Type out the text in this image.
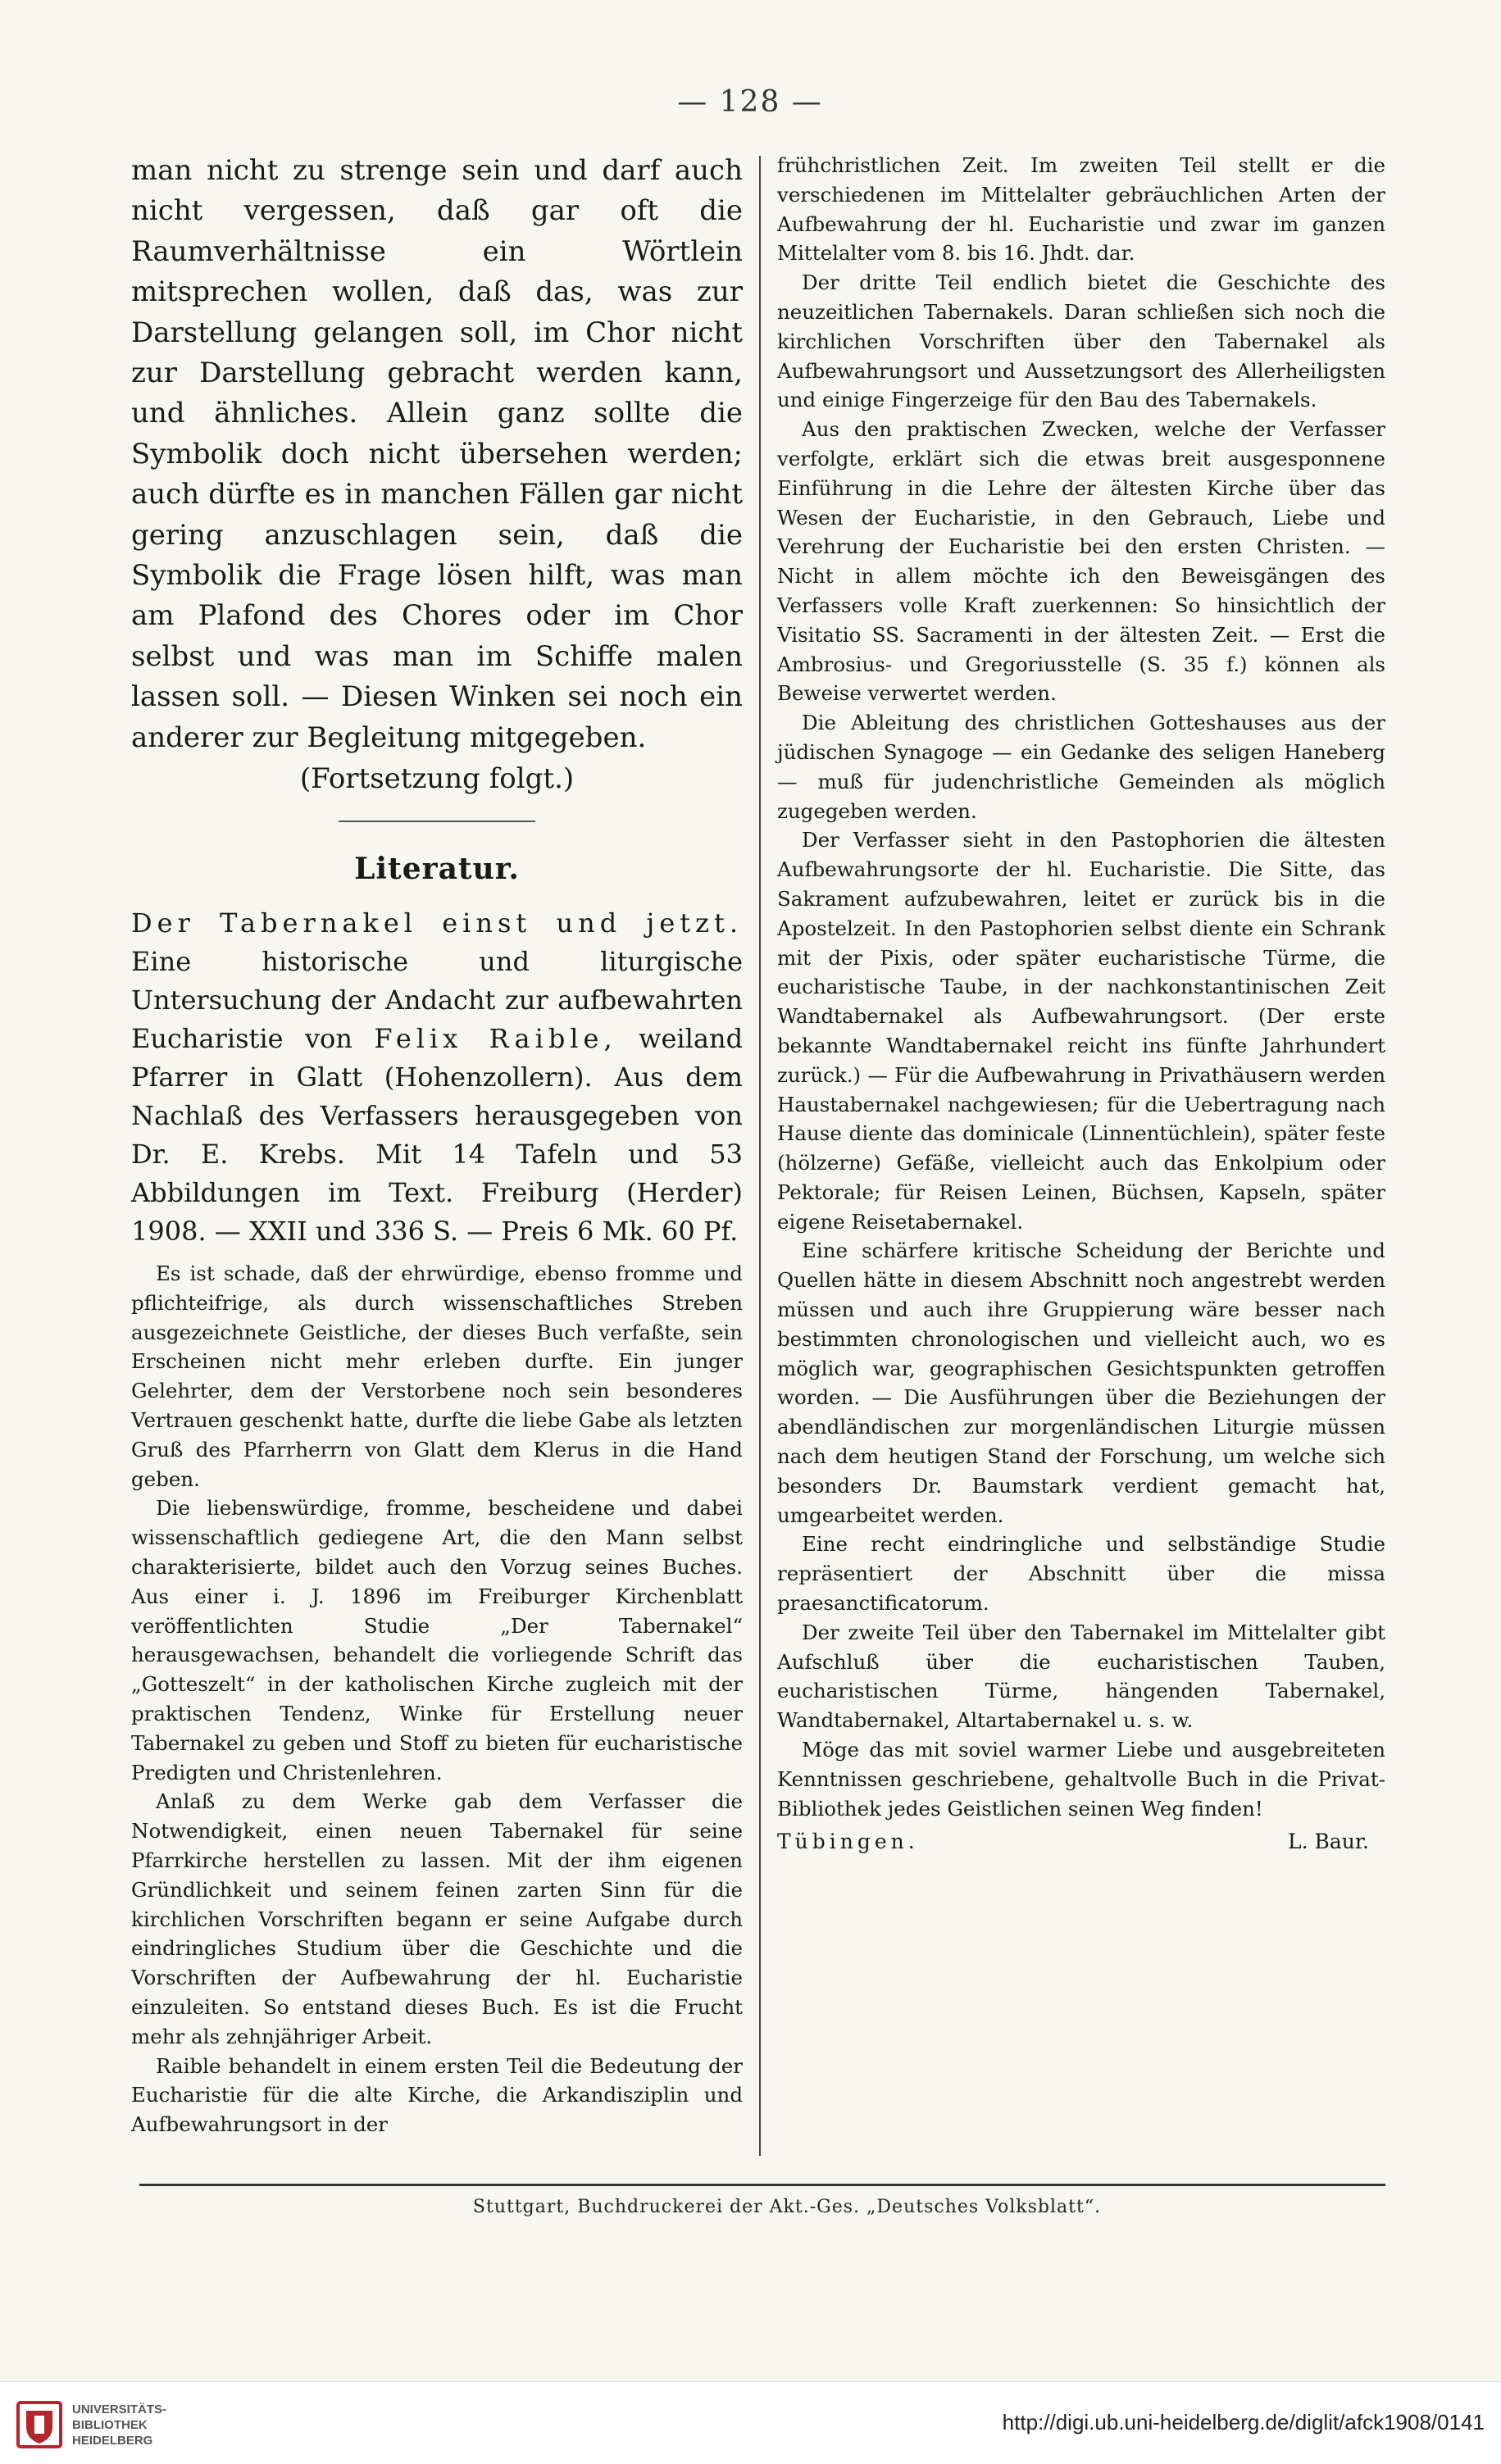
— 128 —

man nicht zu strenge sein und darf auch nicht vergessen, daß gar oft die Raumverhältnisse ein Wörtlein mitsprechen wollen, daß das, was zur Darstellung gelangen soll, im Chor nicht zur Darstellung gebracht werden kann, und ähnliches. Allein ganz sollte die Symbolik doch nicht übersehen werden; auch dürfte es in manchen Fällen gar nicht gering anzuschlagen sein, daß die Symbolik die Frage lösen hilft, was man am Plafond des Chores oder im Chor selbst und was man im Schiffe malen lassen soll. — Diesen Winken sei noch ein anderer zur Begleitung mitgegeben.

(Fortsetzung folgt.)

Literatur.

Der Tabernakel einst und jetzt. Eine historische und liturgische Untersuchung der Andacht zur aufbewahrten Eucharistie von Felix Raible, weiland Pfarrer in Glatt (Hohenzollern). Aus dem Nachlaß des Verfassers herausgegeben von Dr. E. Krebs. Mit 14 Tafeln und 53 Abbildungen im Text. Freiburg (Herder) 1908. — XXII und 336 S. — Preis 6 Mk. 60 Pf.

Es ist schade, daß der ehrwürdige, ebenso fromme und pflichteifrige, als durch wissenschaftliches Streben ausgezeichnete Geistliche, der dieses Buch verfaßte, sein Erscheinen nicht mehr erleben durfte. Ein junger Gelehrter, dem der Verstorbene noch sein besonderes Vertrauen geschenkt hatte, durfte die liebe Gabe als letzten Gruß des Pfarrherrn von Glatt dem Klerus in die Hand geben.

Die liebenswürdige, fromme, bescheidene und dabei wissenschaftlich gediegene Art, die den Mann selbst charakterisierte, bildet auch den Vorzug seines Buches. Aus einer i. J. 1896 im Freiburger Kirchenblatt veröffentlichten Studie „Der Tabernakel“ herausgewachsen, behandelt die vorliegende Schrift das „Gotteszelt“ in der katholischen Kirche zugleich mit der praktischen Tendenz, Winke für Erstellung neuer Tabernakel zu geben und Stoff zu bieten für eucharistische Predigten und Christenlehren.

Anlaß zu dem Werke gab dem Verfasser die Notwendigkeit, einen neuen Tabernakel für seine Pfarrkirche herstellen zu lassen. Mit der ihm eigenen Gründlichkeit und seinem feinen zarten Sinn für die kirchlichen Vorschriften begann er seine Aufgabe durch eindringliches Studium über die Geschichte und die Vorschriften der Aufbewahrung der hl. Eucharistie einzuleiten. So entstand dieses Buch. Es ist die Frucht mehr als zehnjähriger Arbeit.

Raible behandelt in einem ersten Teil die Bedeutung der Eucharistie für die alte Kirche, die Arkandisziplin und Aufbewahrungsort in der

frühchristlichen Zeit. Im zweiten Teil stellt er die verschiedenen im Mittelalter gebräuchlichen Arten der Aufbewahrung der hl. Eucharistie und zwar im ganzen Mittelalter vom 8. bis 16. Jhdt. dar.

Der dritte Teil endlich bietet die Geschichte des neuzeitlichen Tabernakels. Daran schließen sich noch die kirchlichen Vorschriften über den Tabernakel als Aufbewahrungsort und Aussetzungsort des Allerheiligsten und einige Fingerzeige für den Bau des Tabernakels.

Aus den praktischen Zwecken, welche der Verfasser verfolgte, erklärt sich die etwas breit ausgesponnene Einführung in die Lehre der ältesten Kirche über das Wesen der Eucharistie, in den Gebrauch, Liebe und Verehrung der Eucharistie bei den ersten Christen. — Nicht in allem möchte ich den Beweisgängen des Verfassers volle Kraft zuerkennen: So hinsichtlich der Visitatio SS. Sacramenti in der ältesten Zeit. — Erst die Ambrosius- und Gregoriusstelle (S. 35 f.) können als Beweise verwertet werden.

Die Ableitung des christlichen Gotteshauses aus der jüdischen Synagoge — ein Gedanke des seligen Haneberg — muß für judenchristliche Gemeinden als möglich zugegeben werden.

Der Verfasser sieht in den Pastophorien die ältesten Aufbewahrungsorte der hl. Eucharistie. Die Sitte, das Sakrament aufzubewahren, leitet er zurück bis in die Apostelzeit. In den Pastophorien selbst diente ein Schrank mit der Pixis, oder später eucharistische Türme, die eucharistische Taube, in der nachkonstantinischen Zeit Wandtabernakel als Aufbewahrungsort. (Der erste bekannte Wandtabernakel reicht ins fünfte Jahrhundert zurück.) — Für die Aufbewahrung in Privathäusern werden Haustabernakel nachgewiesen; für die Uebertragung nach Hause diente das dominicale (Linnentüchlein), später feste (hölzerne) Gefäße, vielleicht auch das Enkolpium oder Pektorale; für Reisen Leinen, Büchsen, Kapseln, später eigene Reisetabernakel.

Eine schärfere kritische Scheidung der Berichte und Quellen hätte in diesem Abschnitt noch angestrebt werden müssen und auch ihre Gruppierung wäre besser nach bestimmten chronologischen und vielleicht auch, wo es möglich war, geographischen Gesichtspunkten getroffen worden. — Die Ausführungen über die Beziehungen der abendländischen zur morgenländischen Liturgie müssen nach dem heutigen Stand der Forschung, um welche sich besonders Dr. Baumstark verdient gemacht hat, umgearbeitet werden.

Eine recht eindringliche und selbständige Studie repräsentiert der Abschnitt über die missa praesanctificatorum.

Der zweite Teil über den Tabernakel im Mittelalter gibt Aufschluß über die eucharistischen Tauben, eucharistischen Türme, hängenden Tabernakel, Wandtabernakel, Altartabernakel u. s. w.

Möge das mit soviel warmer Liebe und ausgebreiteten Kenntnissen geschriebene, gehaltvolle Buch in die Privat-Bibliothek jedes Geistlichen seinen Weg finden!

Tübingen.	L. Baur.
Stuttgart, Buchdruckerei der Akt.-Ges. „Deutsches Volksblatt“.
UNIVERSITÄTS-
BIBLIOTHEK
HEIDELBERG
http://digi.ub.uni-heidelberg.de/diglit/afck1908/0141
